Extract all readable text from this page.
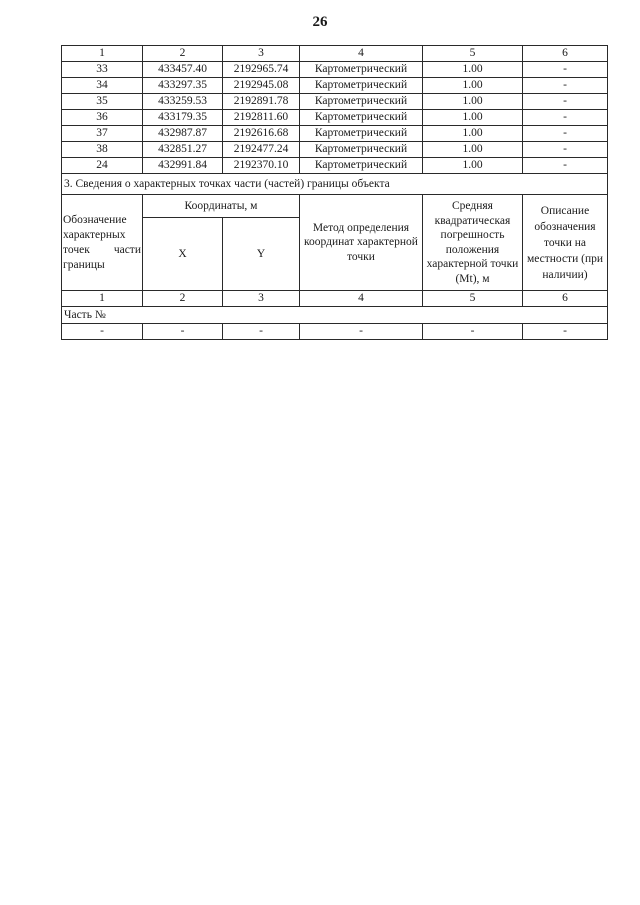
26
1	2	3	4	5	6
33	433457.40	2192965.74	Картометрический	1.00	-
34	433297.35	2192945.08	Картометрический	1.00	-
35	433259.53	2192891.78	Картометрический	1.00	-
36	433179.35	2192811.60	Картометрический	1.00	-
37	432987.87	2192616.68	Картометрический	1.00	-
38	432851.27	2192477.24	Картометрический	1.00	-
24	432991.84	2192370.10	Картометрический	1.00	-
3. Сведения о характерных точках части (частей) границы объекта					
Обозначение характерных точек части границы	Координаты, м		Метод определения координат характерной точки	Средняя квадратическая погрешность положения характерной точки (Mt), м	Описание обозначения точки на местности (при наличии)
	X	Y			
1	2	3	4	5	6
Часть №					
-	-	-	-	-	-
